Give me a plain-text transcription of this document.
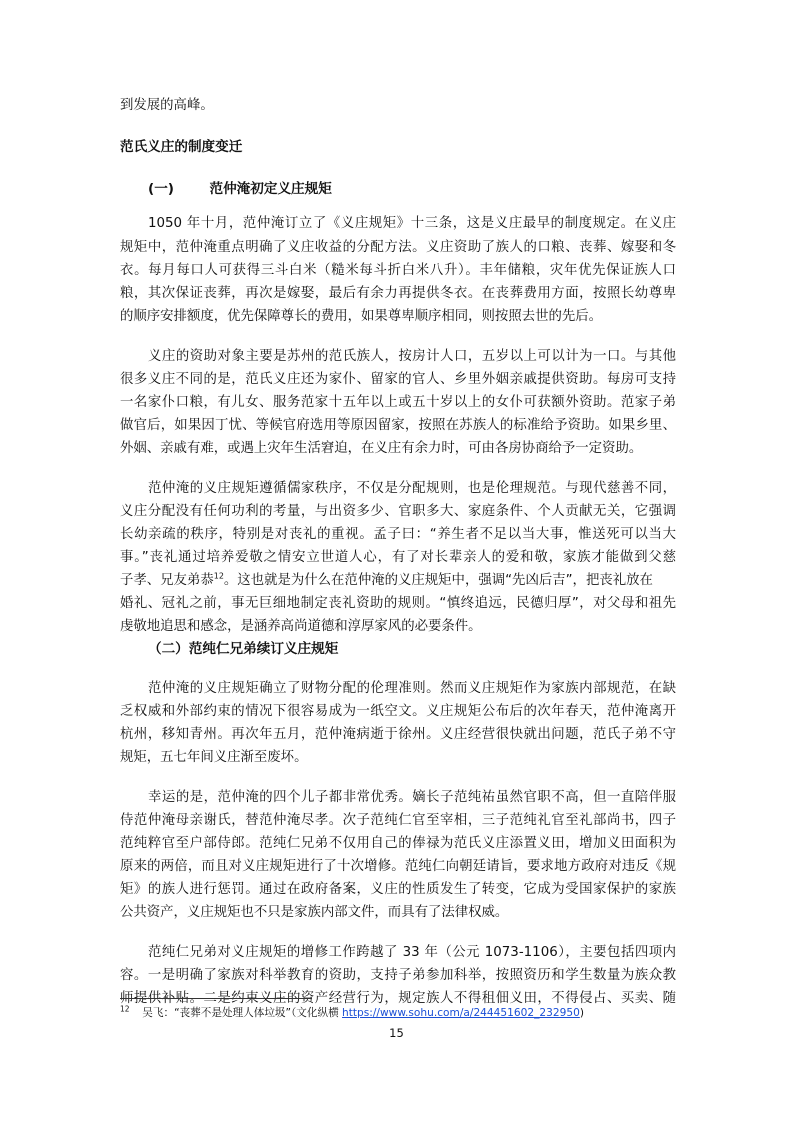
到发展的高峰。
范氏义庄的制度变迁
(一)	范仲淹初定义庄规矩
1050 年十月，范仲淹订立了《义庄规矩》十三条，这是义庄最早的制度规定。在义庄
规矩中，范仲淹重点明确了义庄收益的分配方法。义庄资助了族人的口粮、丧葬、嫁娶和冬
衣。每月每口人可获得三斗白米（糙米每斗折白米八升）。丰年储粮，灾年优先保证族人口
粮，其次保证丧葬，再次是嫁娶，最后有余力再提供冬衣。在丧葬费用方面，按照长幼尊卑
的顺序安排额度，优先保障尊长的费用，如果尊卑顺序相同，则按照去世的先后。
义庄的资助对象主要是苏州的范氏族人，按房计人口，五岁以上可以计为一口。与其他
很多义庄不同的是，范氏义庄还为家仆、留家的官人、乡里外姻亲戚提供资助。每房可支持
一名家仆口粮，有儿女、服务范家十五年以上或五十岁以上的女仆可获额外资助。范家子弟
做官后，如果因丁忧、等候官府选用等原因留家，按照在苏族人的标准给予资助。如果乡里、
外姻、亲戚有难，或遇上灾年生活窘迫，在义庄有余力时，可由各房协商给予一定资助。
范仲淹的义庄规矩遵循儒家秩序，不仅是分配规则，也是伦理规范。与现代慈善不同，
义庄分配没有任何功利的考量，与出资多少、官职多大、家庭条件、个人贡献无关，它强调
长幼亲疏的秩序，特别是对丧礼的重视。孟子曰：“养生者不足以当大事，惟送死可以当大
事。”丧礼通过培养爱敬之情安立世道人心，有了对长辈亲人的爱和敬，家族才能做到父慈
子孝、兄友弟恭$^{12}$。这也就是为什么在范仲淹的义庄规矩中，强调“先凶后吉”，把丧礼放在
婚礼、冠礼之前，事无巨细地制定丧礼资助的规则。“慎终追远，民德归厚”，对父母和祖先
虔敬地追思和感念，是涵养高尚道德和淳厚家风的必要条件。
（二）范纯仁兄弟续订义庄规矩
范仲淹的义庄规矩确立了财物分配的伦理准则。然而义庄规矩作为家族内部规范，在缺
乏权威和外部约束的情况下很容易成为一纸空文。义庄规矩公布后的次年春天，范仲淹离开
杭州，移知青州。再次年五月，范仲淹病逝于徐州。义庄经营很快就出问题，范氏子弟不守
规矩，五七年间义庄渐至废坏。
幸运的是，范仲淹的四个儿子都非常优秀。嫡长子范纯祐虽然官职不高，但一直陪伴服
侍范仲淹母亲谢氏，替范仲淹尽孝。次子范纯仁官至宰相，三子范纯礼官至礼部尚书，四子
范纯粹官至户部侍郎。范纯仁兄弟不仅用自己的俸禄为范氏义庄添置义田，增加义田面积为
原来的两倍，而且对义庄规矩进行了十次增修。范纯仁向朝廷请旨，要求地方政府对违反《规
矩》的族人进行惩罚。通过在政府备案，义庄的性质发生了转变，它成为受国家保护的家族
公共资产，义庄规矩也不只是家族内部文件，而具有了法律权威。
范纯仁兄弟对义庄规矩的增修工作跨越了 33 年（公元 1073-1106），主要包括四项内
容。一是明确了家族对科举教育的资助，支持子弟参加科举，按照资历和学生数量为族众教
师提供补贴。二是约束义庄的资产经营行为，规定族人不得租佃义田，不得侵占、买卖、随
$^{12}$ 吴飞：“丧葬不是处理人体垃圾”（文化纵横 https://www.sohu.com/a/244451602_232950)
15
